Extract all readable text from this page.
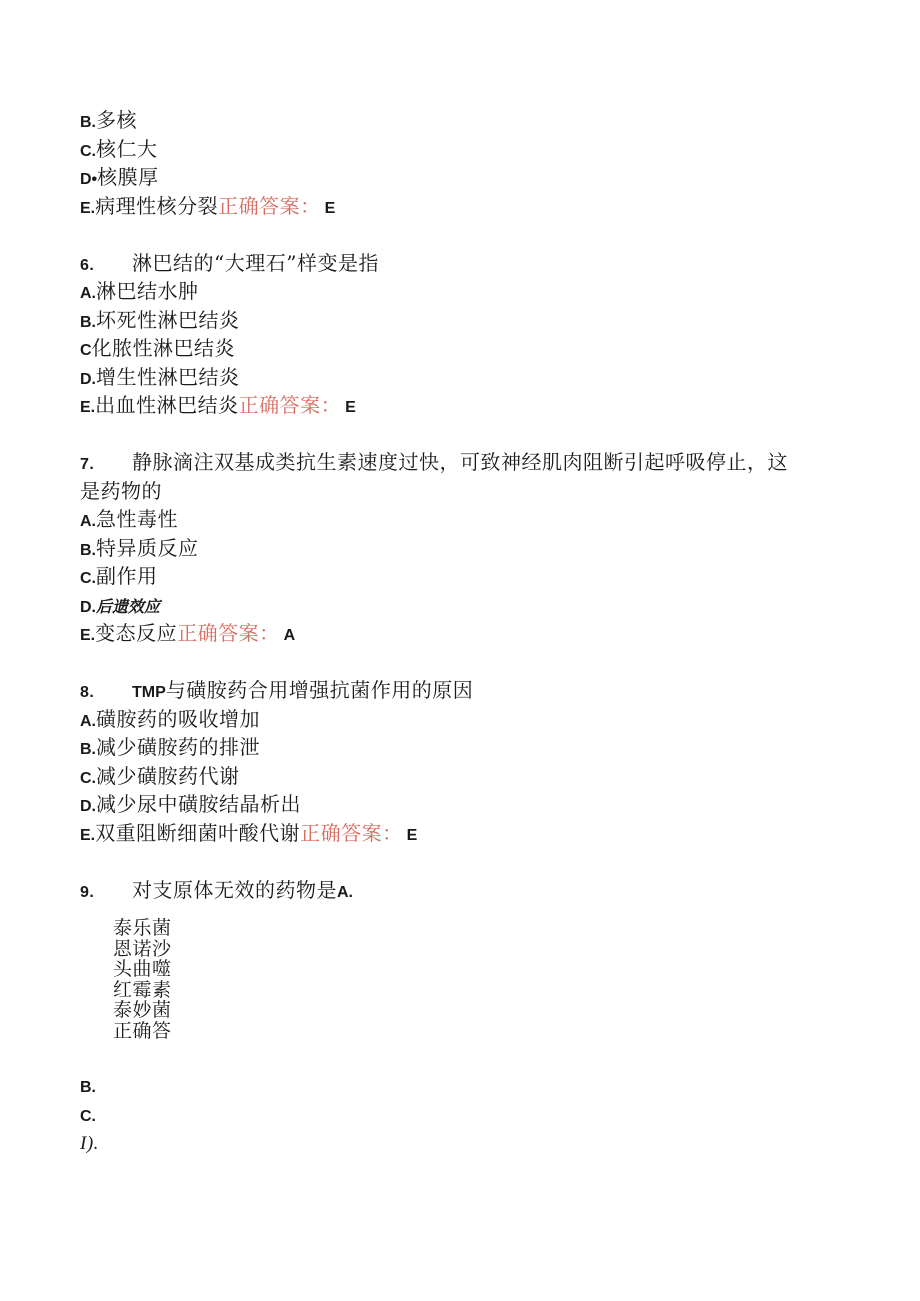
B.多核
C.核仁大
D•核膜厚
E.病理性核分裂正确答案： E
6. 淋巴结的“大理石”样变是指
A.淋巴结水肿
B.坏死性淋巴结炎
C化脓性淋巴结炎
D.增生性淋巴结炎
E.出血性淋巴结炎正确答案： E
7. 静脉滴注双基成类抗生素速度过快，可致神经肌肉阻断引起呼吸停止，这
是药物的
A.急性毒性
B.特异质反应
C.副作用
D.后遗效应
E.变态反应正确答案： A
8. TMP与磺胺药合用增强抗菌作用的原因
A.磺胺药的吸收增加
B.减少磺胺药的排泄
C.减少磺胺药代谢
D.减少尿中磺胺结晶析出
E.双重阻断细菌叶酸代谢正确答案： E
9. 对支原体无效的药物是A.
泰乐菌
恩诺沙
头曲噬
红霉素
泰妙菌
正确答
B.
C.
I).
